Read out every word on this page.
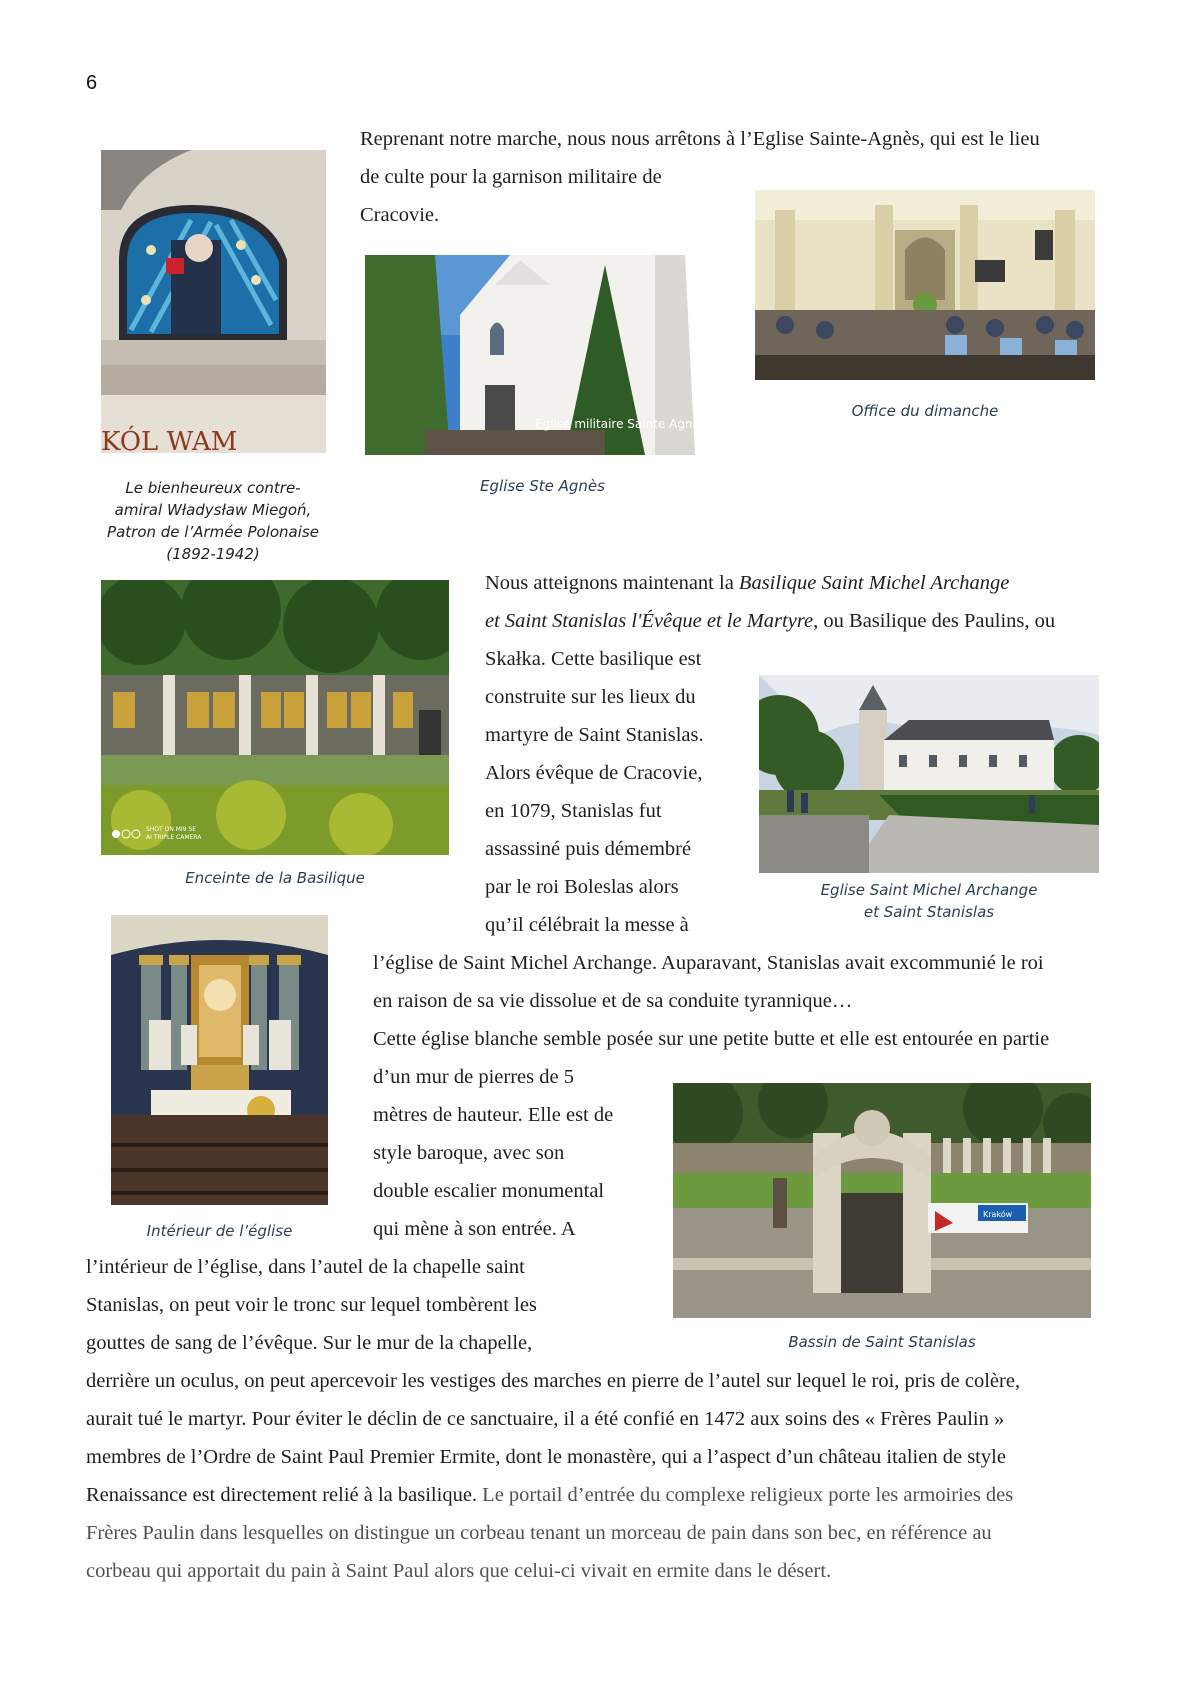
6
Reprenant notre marche, nous nous arrêtons à l’Eglise Sainte-Agnès, qui est le lieu
de culte pour la garnison militaire de
Cracovie.
KÓL WAM
Le bienheureux contre-
amiral Władysław Miegoń,
Patron de l’Armée Polonaise
(1892-1942)
Eglise militaire Sainte Agnès
Eglise Ste Agnès
Office du dimanche
Nous atteignons maintenant la Basilique Saint Michel Archange
et Saint Stanislas l'Évêque et le Martyre, ou Basilique des Paulins, ou
Skałka. Cette basilique est
construite sur les lieux du
martyre de Saint Stanislas.
Alors évêque de Cracovie,
en 1079, Stanislas fut
assassiné puis démembré
par le roi Boleslas alors
qu’il célébrait la messe à
l’église de Saint Michel Archange. Auparavant, Stanislas avait excommunié le roi
en raison de sa vie dissolue et de sa conduite tyrannique…
SHOT ON MI9 SE
AI TRIPLE CAMERA
Enceinte de la Basilique
Eglise Saint Michel Archange
et Saint Stanislas
Intérieur de l’église
Cette église blanche semble posée sur une petite butte et elle est entourée en partie
d’un mur de pierres de 5
mètres de hauteur. Elle est de
style baroque, avec son
double escalier monumental
qui mène à son entrée. A
l’intérieur de l’église, dans l’autel de la chapelle saint
Stanislas, on peut voir le tronc sur lequel tombèrent les
gouttes de sang de l’évêque. Sur le mur de la chapelle,
derrière un oculus, on peut apercevoir les vestiges des marches en pierre de l’autel sur lequel le roi, pris de colère,
aurait tué le martyr. Pour éviter le déclin de ce sanctuaire, il a été confié en 1472 aux soins des « Frères Paulin »
membres de l’Ordre de Saint Paul Premier Ermite, dont le monastère, qui a l’aspect d’un château italien de style
Renaissance est directement relié à la basilique. Le portail d’entrée du complexe religieux porte les armoiries des
Frères Paulin dans lesquelles on distingue un corbeau tenant un morceau de pain dans son bec, en référence au
corbeau qui apportait du pain à Saint Paul alors que celui-ci vivait en ermite dans le désert.
Kraków
Bassin de Saint Stanislas
